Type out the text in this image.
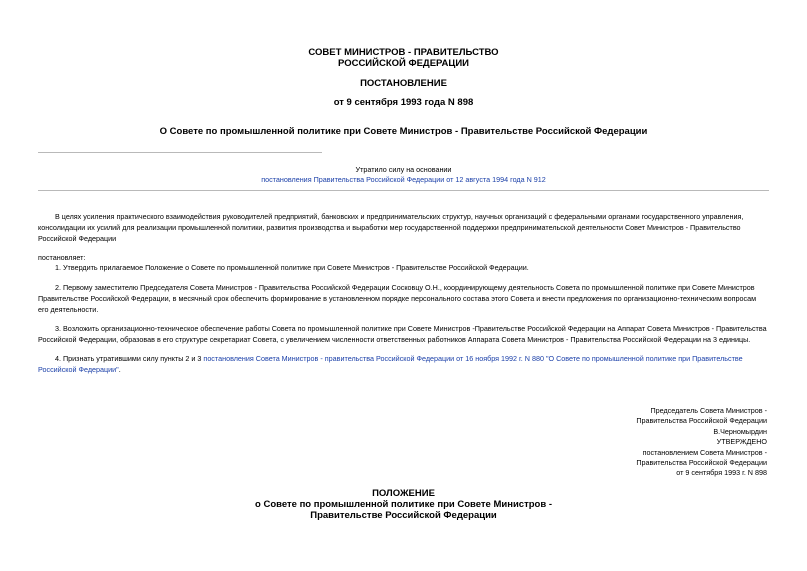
СОВЕТ МИНИСТРОВ - ПРАВИТЕЛЬСТВО
РОССИЙСКОЙ ФЕДЕРАЦИИ
ПОСТАНОВЛЕНИЕ
от 9 сентября 1993 года N 898
О Совете по промышленной политике при Совете Министров - Правительстве Российской Федерации
Утратило силу на основании
постановления Правительства Российской Федерации от 12 августа 1994 года N 912
В целях усиления практического взаимодействия руководителей предприятий, банковских и предпринимательских структур, научных организаций с федеральными органами государственного управления,
консолидации их усилий для реализации промышленной политики, развития производства и выработки мер государственной поддержки предпринимательской деятельности Совет Министров - Правительство
Российской Федерации
постановляет:
1. Утвердить прилагаемое Положение о Совете по промышленной политике при Совете Министров - Правительстве Российской Федерации.
2. Первому заместителю Председателя Совета Министров - Правительства Российской Федерации Сосковцу О.Н., координирующему деятельность Совета по промышленной политике при Совете Министров
Правительстве Российской Федерации, в месячный срок обеспечить формирование в установленном порядке персонального состава этого Совета и внести предложения по организационно-техническим вопросам
его деятельности.
3. Возложить организационно-техническое обеспечение работы Совета по промышленной политике при Совете Министров -Правительстве Российской Федерации на Аппарат Совета Министров - Правительства
Российской Федерации, образовав в его структуре секретариат Совета, с увеличением численности ответственных работников Аппарата Совета Министров - Правительства Российской Федерации на 3 единицы.
4. Признать утратившими силу пункты 2 и 3 постановления Совета Министров - правительства Российской Федерации от 16 ноября 1992 г. N 880 "О Совете по промышленной политике при Правительстве
Российской Федерации".
Председатель Совета Министров -
Правительства Российской Федерации
В.Черномырдин
УТВЕРЖДЕНО
постановлением Совета Министров -
Правительства Российской Федерации
от 9 сентября 1993 г. N 898
ПОЛОЖЕНИЕ
о Совете по промышленной политике при Совете Министров -
Правительстве Российской Федерации
